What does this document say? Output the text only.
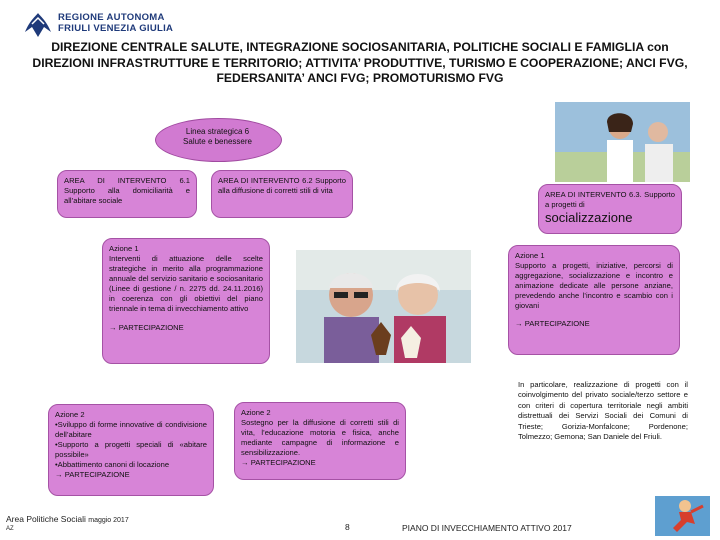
REGIONE AUTONOMA
FRIULI VENEZIA GIULIA
DIREZIONE CENTRALE SALUTE, INTEGRAZIONE SOCIOSANITARIA, POLITICHE SOCIALI E FAMIGLIA con DIREZIONI INFRASTRUTTURE E TERRITORIO; ATTIVITA’ PRODUTTIVE, TURISMO E COOPERAZIONE; ANCI FVG, FEDERSANITA’ ANCI FVG; PROMOTURISMO FVG
Linea strategica 6
Salute e benessere

AREA DI INTERVENTO 6.1 Supporto alla domiciliarità e all’abitare sociale

AREA DI INTERVENTO 6.2 Supporto alla diffusione di corretti stili di vita	AREA DI INTERVENTO 6.3. Supporto a progetti di

socializzazione

Azione 1

Interventi di attuazione delle scelte strategiche in merito alla programmazione annuale del servizio sanitario e sociosanitario (Linee di gestione / n. 2275 dd. 24.11.2016) in coerenza con gli obiettivi del piano triennale in tema di invecchiamento attivo

→ PARTECIPAZIONE

Azione 1

Supporto a progetti, iniziative, percorsi di aggregazione, socializzazione e incontro e animazione dedicate alle persone anziane, prevedendo anche l’incontro e scambio con i giovani

→ PARTECIPAZIONE

Azione 2

•Sviluppo di forme innovative di condivisione dell’abitare

•Supporto a progetti speciali di «abitare possibile»

•Abbattimento canoni di locazione

→ PARTECIPAZIONE

Azione 2

Sostegno per la diffusione di corretti stili di vita, l’educazione motoria e fisica, anche mediante campagne di informazione e sensibilizzazione.

→ PARTECIPAZIONE

In particolare, realizzazione di progetti con il coinvolgimento del privato sociale/terzo settore e con criteri di copertura territoriale negli ambiti distrettuali dei Servizi Sociali dei Comuni di Trieste; Gorizia-Monfalcone; Pordenone; Tolmezzo; Gemona; San Daniele del Friuli.
Area Politiche Sociali maggio 2017
AZ	8	PIANO DI INVECCHIAMENTO ATTIVO 2017
